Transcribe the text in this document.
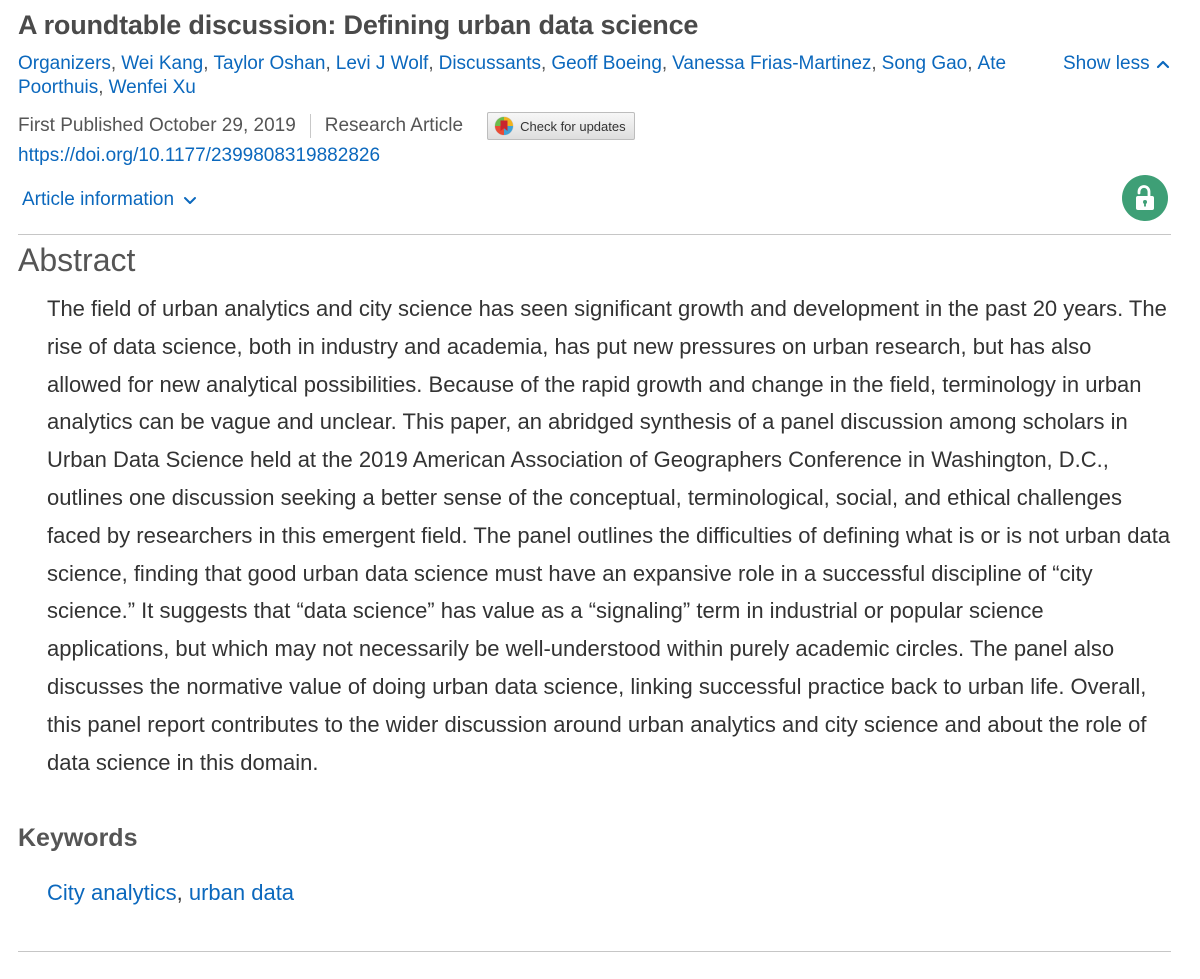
A roundtable discussion: Defining urban data science
Organizers, Wei Kang, Taylor Oshan, Levi J Wolf, Discussants, Geoff Boeing, Vanessa Frias-Martinez, Song Gao, Ate Poorthuis, Wenfei Xu
Show less
First Published October 29, 2019 Research Article	Check for updates
https://doi.org/10.1177/2399808319882826
Article information
Abstract

The field of urban analytics and city science has seen significant growth and development in the past 20 years. The rise of data science, both in industry and academia, has put new pressures on urban research, but has also allowed for new analytical possibilities. Because of the rapid growth and change in the field, terminology in urban analytics can be vague and unclear. This paper, an abridged synthesis of a panel discussion among scholars in Urban Data Science held at the 2019 American Association of Geographers Conference in Washington, D.C., outlines one discussion seeking a better sense of the conceptual, terminological, social, and ethical challenges faced by researchers in this emergent field. The panel outlines the difficulties of defining what is or is not urban data science, finding that good urban data science must have an expansive role in a successful discipline of “city science.” It suggests that “data science” has value as a “signaling” term in industrial or popular science applications, but which may not necessarily be well-understood within purely academic circles. The panel also discusses the normative value of doing urban data science, linking successful practice back to urban life. Overall, this panel report contributes to the wider discussion around urban analytics and city science and about the role of data science in this domain.

Keywords
City analytics, urban data
